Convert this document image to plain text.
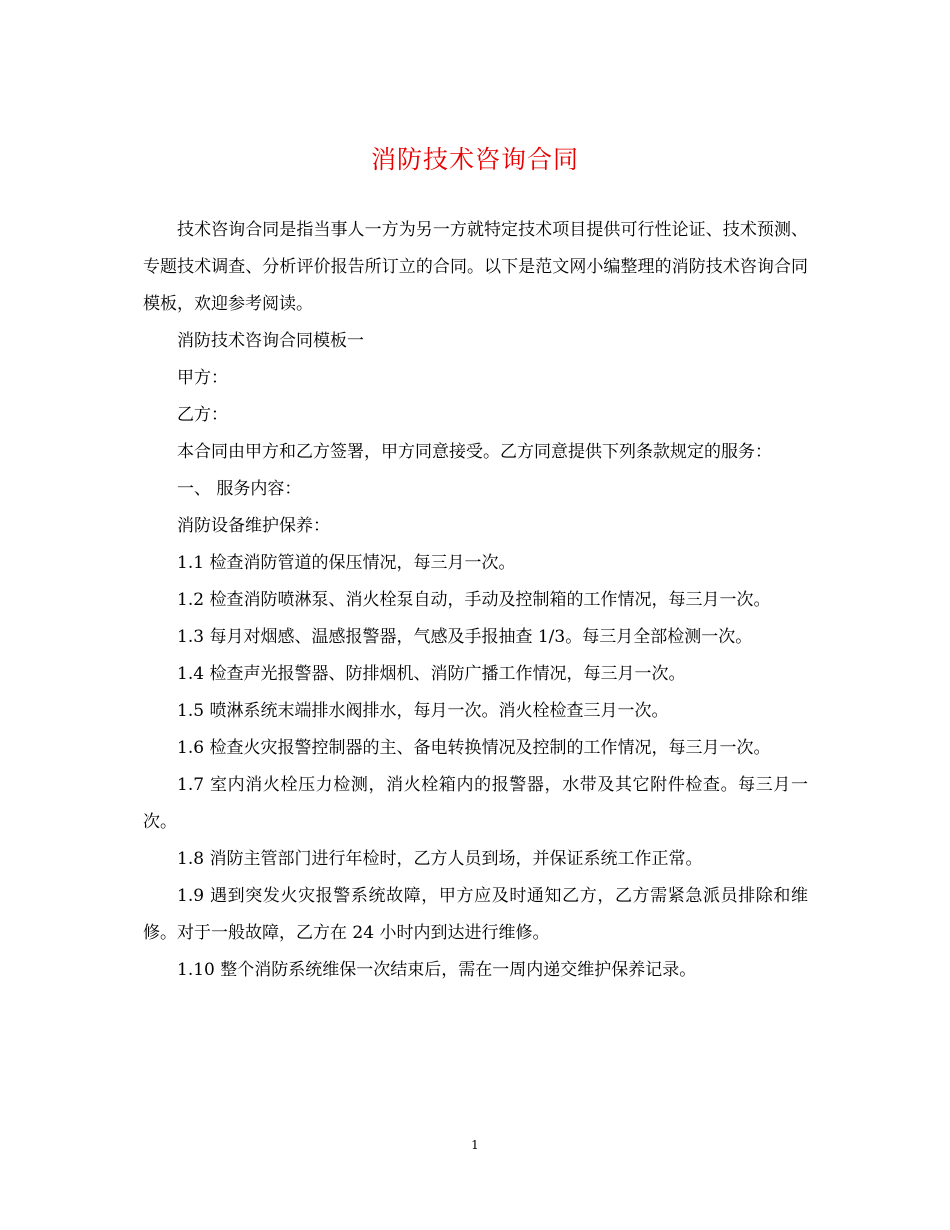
消防技术咨询合同

技术咨询合同是指当事人一方为另一方就特定技术项目提供可行性论证、技术预测、专题技术调查、分析评价报告所订立的合同。以下是范文网小编整理的消防技术咨询合同模板，欢迎参考阅读。

消防技术咨询合同模板一

甲方：

乙方：

本合同由甲方和乙方签署，甲方同意接受。乙方同意提供下列条款规定的服务：

一、 服务内容：

消防设备维护保养：

1.1 检查消防管道的保压情况，每三月一次。

1.2 检查消防喷淋泵、消火栓泵自动，手动及控制箱的工作情况，每三月一次。

1.3 每月对烟感、温感报警器，气感及手报抽查 1/3。每三月全部检测一次。

1.4 检查声光报警器、防排烟机、消防广播工作情况，每三月一次。

1.5 喷淋系统末端排水阀排水，每月一次。消火栓检查三月一次。

1.6 检查火灾报警控制器的主、备电转换情况及控制的工作情况，每三月一次。

1.7 室内消火栓压力检测，消火栓箱内的报警器，水带及其它附件检查。每三月一次。

1.8 消防主管部门进行年检时，乙方人员到场，并保证系统工作正常。

1.9 遇到突发火灾报警系统故障，甲方应及时通知乙方，乙方需紧急派员排除和维修。对于一般故障，乙方在 24 小时内到达进行维修。

1.10 整个消防系统维保一次结束后，需在一周内递交维护保养记录。

1
